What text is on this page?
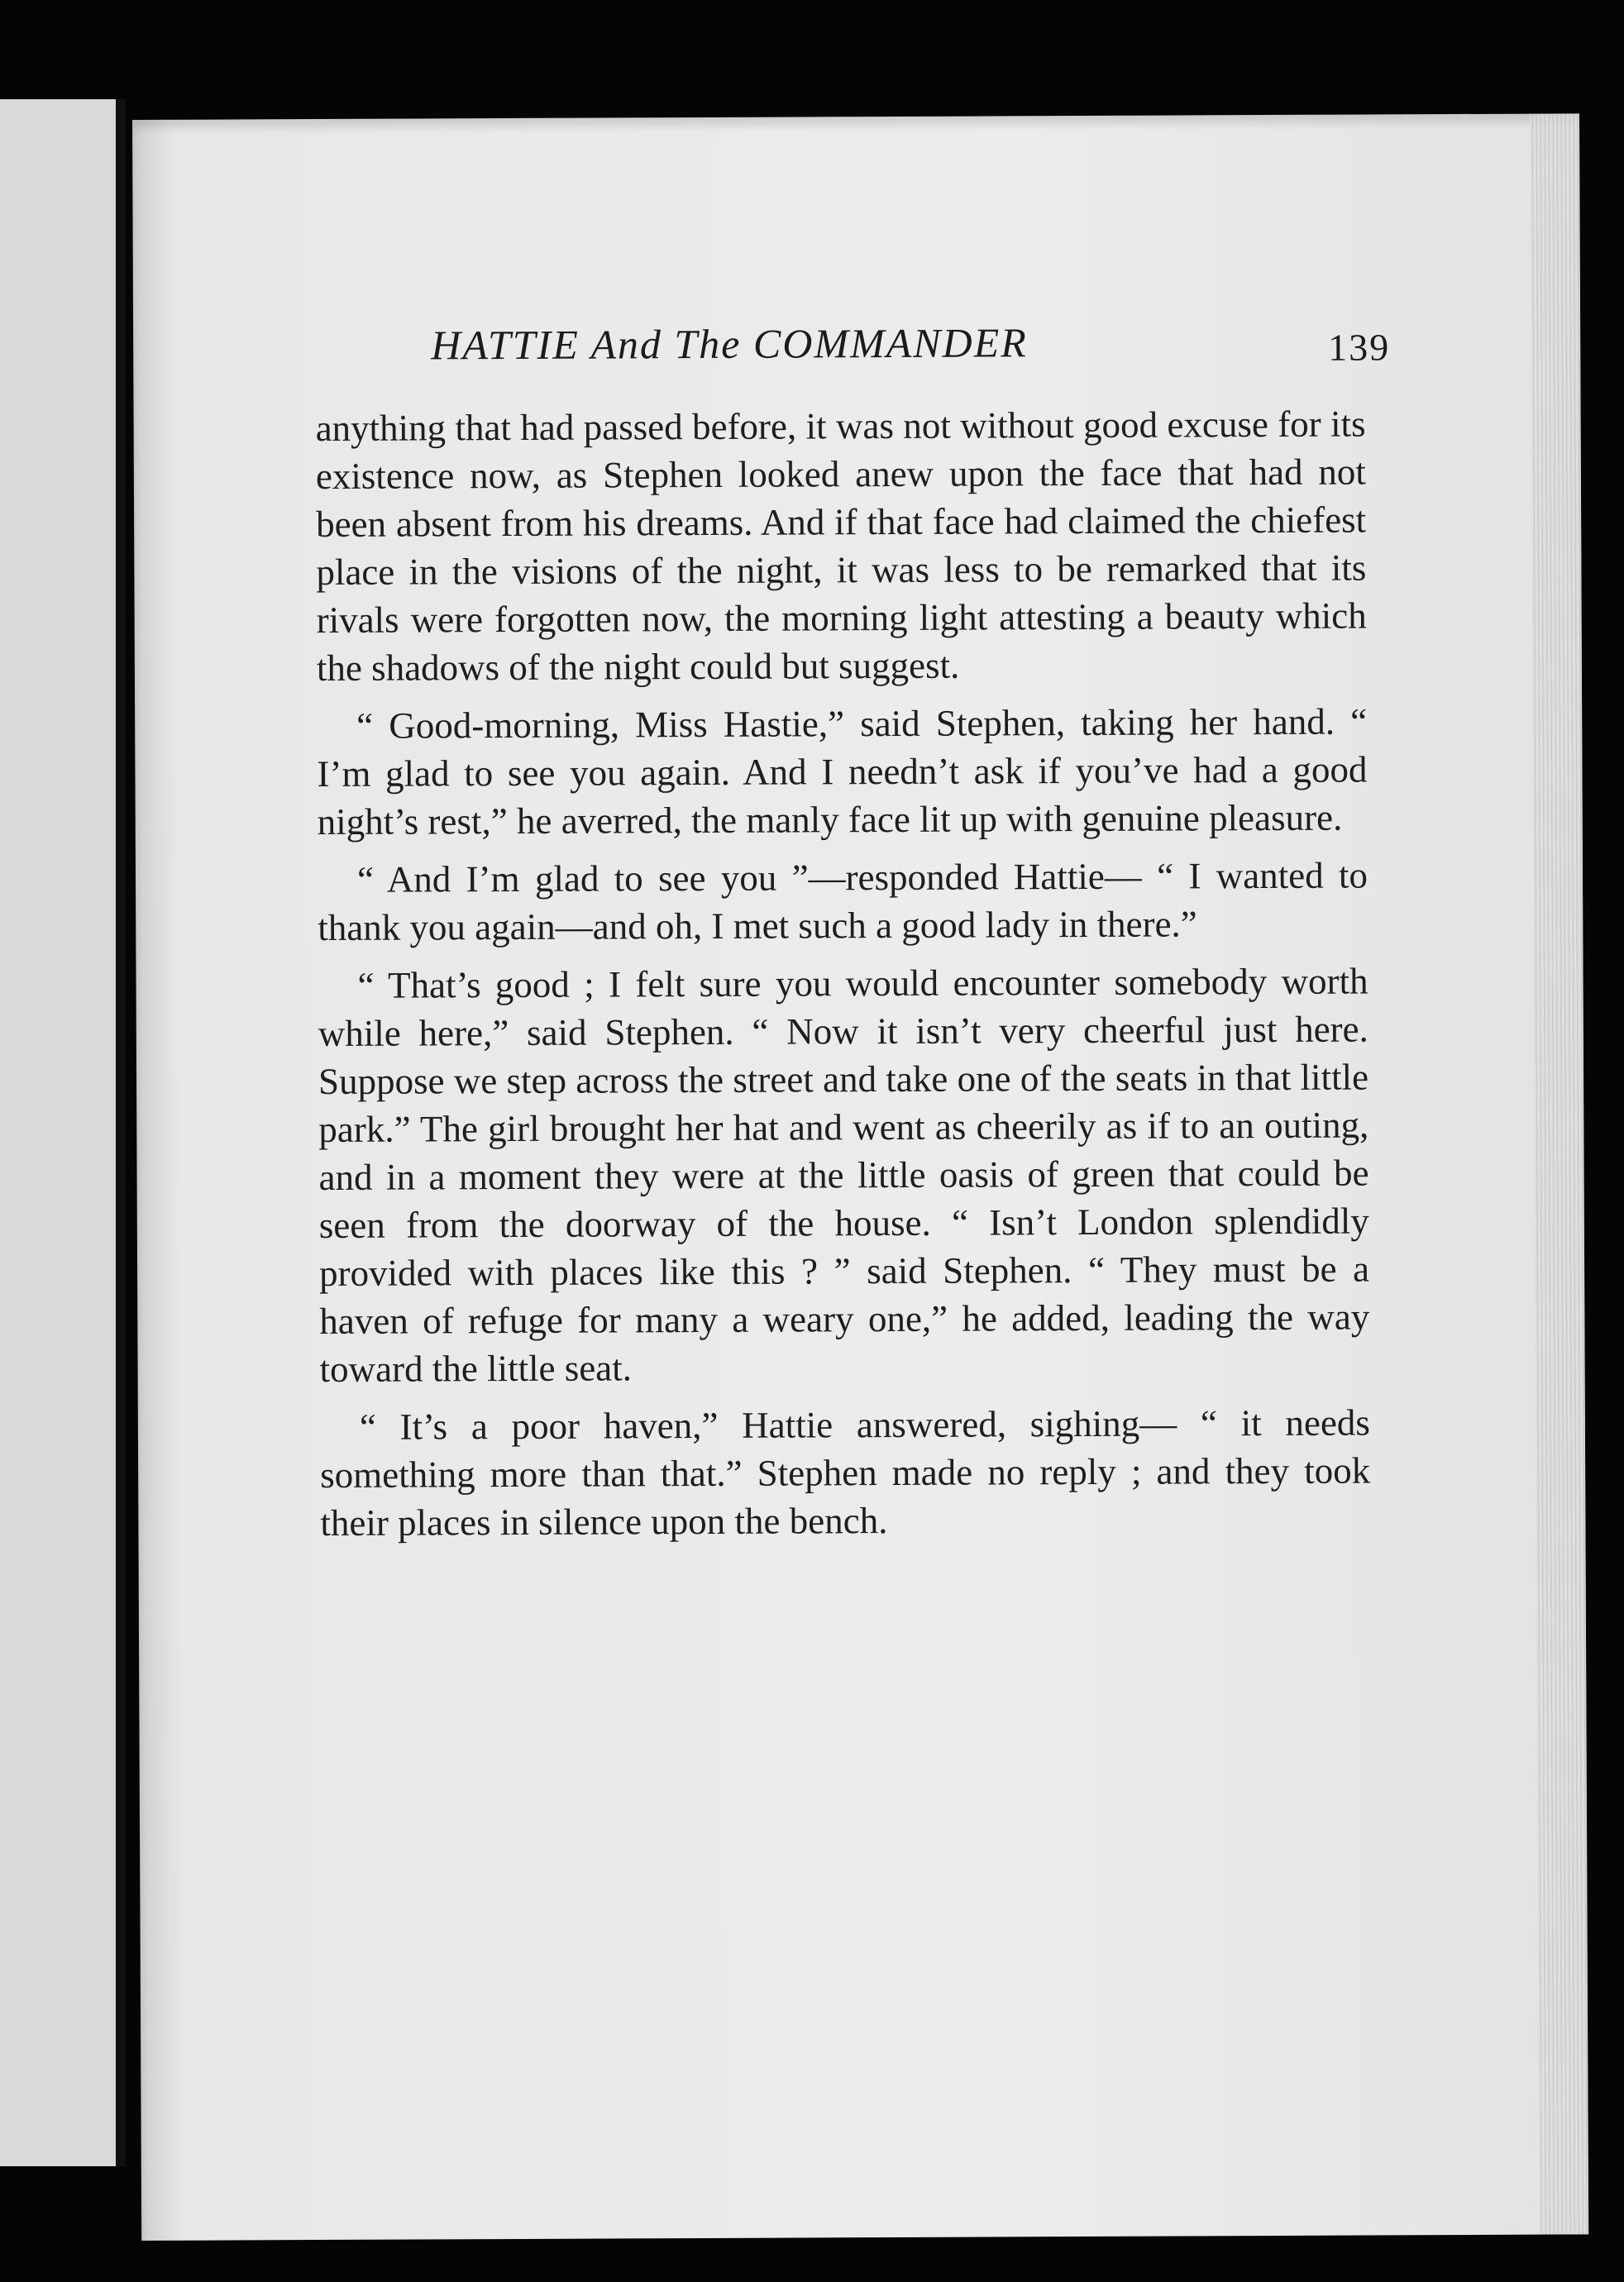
HATTIE And The COMMANDER	139

anything that had passed before, it was not without good excuse for its existence now, as Stephen looked anew upon the face that had not been absent from his dreams. And if that face had claimed the chiefest place in the visions of the night, it was less to be remarked that its rivals were forgotten now, the morning light attesting a beauty which the shadows of the night could but suggest.

“ Good-morning, Miss Hastie,” said Stephen, taking her hand. “ I’m glad to see you again. And I needn’t ask if you’ve had a good night’s rest,” he averred, the manly face lit up with genuine pleasure.

“ And I’m glad to see you ”—responded Hattie— “ I wanted to thank you again—and oh, I met such a good lady in there.”

“ That’s good ; I felt sure you would encounter somebody worth while here,” said Stephen. “ Now it isn’t very cheerful just here. Suppose we step across the street and take one of the seats in that little park.” The girl brought her hat and went as cheerily as if to an outing, and in a moment they were at the little oasis of green that could be seen from the doorway of the house. “ Isn’t London splendidly provided with places like this ? ” said Stephen. “ They must be a haven of refuge for many a weary one,” he added, leading the way toward the little seat.

“ It’s a poor haven,” Hattie answered, sighing— “ it needs something more than that.” Stephen made no reply ; and they took their places in silence upon the bench.
